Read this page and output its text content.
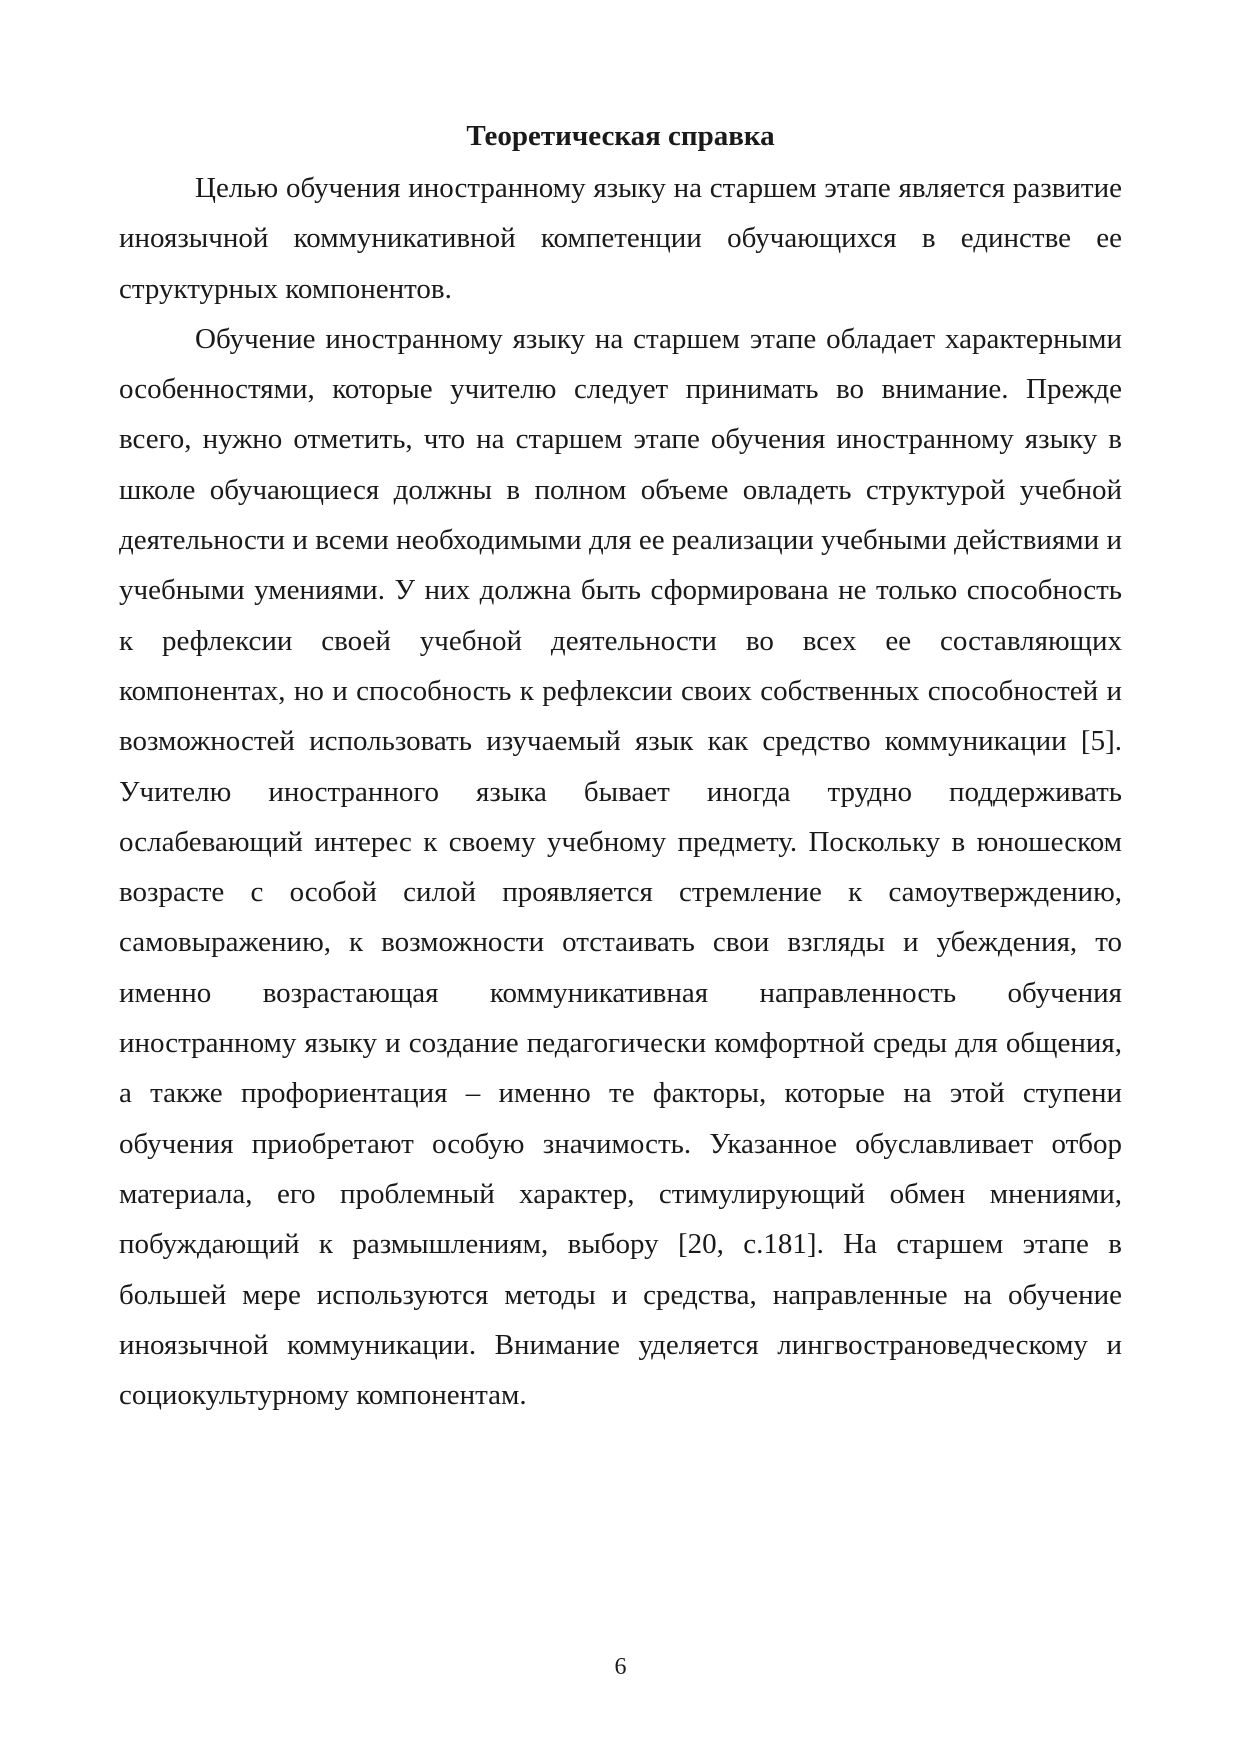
Теоретическая справка

Целью обучения иностранному языку на старшем этапе является развитие иноязычной коммуникативной компетенции обучающихся в единстве ее структурных компонентов.

Обучение иностранному языку на старшем этапе обладает характерными особенностями, которые учителю следует принимать во внимание. Прежде всего, нужно отметить, что на старшем этапе обучения иностранному языку в школе обучающиеся должны в полном объеме овладеть структурой учебной деятельности и всеми необходимыми для ее реализации учебными действиями и учебными умениями. У них должна быть сформирована не только способность к рефлексии своей учебной деятельности во всех ее составляющих компонентах, но и способность к рефлексии своих собственных способностей и возможностей использовать изучаемый язык как средство коммуникации [5]. Учителю иностранного языка бывает иногда трудно поддерживать ослабевающий интерес к своему учебному предмету. Поскольку в юношеском возрасте с особой силой проявляется стремление к самоутверждению, самовыражению, к возможности отстаивать свои взгляды и убеждения, то именно возрастающая коммуникативная направленность обучения иностранному языку и создание педагогически комфортной среды для общения, а также профориентация – именно те факторы, которые на этой ступени обучения приобретают особую значимость. Указанное обуславливает отбор материала, его проблемный характер, стимулирующий обмен мнениями, побуждающий к размышлениям, выбору [20, с.181]. На старшем этапе в большей мере используются методы и средства, направленные на обучение иноязычной коммуникации. Внимание уделяется лингвострановедческому и социокультурному компонентам.

6
